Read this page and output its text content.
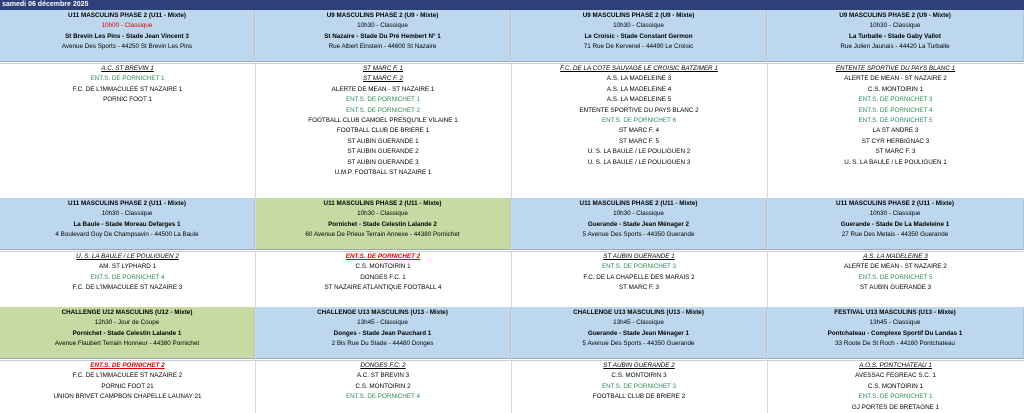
samedi 06 décembre 2025
U11 MASCULINS PHASE 2 (U11 - Mixte)
10h00 - Classique
St Brevin Les Pins - Stade Jean Vincent 3
Avenue Des Sports - 44250 St Brevin Les Pins
A.C. ST BREVIN 1
ENT.S. DE PORNICHET 1
F.C. DE L'IMMACULEE ST NAZAIRE 1
PORNIC FOOT 1
U9 MASCULINS PHASE 2 (U9 - Mixte)
10h30 - Classique
St Nazaire - Stade Du Pré Hembert N° 1
Rue Albert Einstein - 44600 St Nazaire
ST MARC F. 1
ST MARC F. 2
ALERTE DE MEAN - ST NAZAIRE 1
ENT.S. DE PORNICHET 1
ENT.S. DE PORNICHET 2
FOOTBALL CLUB CAMOEL PRESQU'ILE VILAINE 1
FOOTBALL CLUB DE BRIERE 1
ST AUBIN GUERANDE 1
ST AUBIN GUERANDE 2
ST AUBIN GUERANDE 3
U.M.P. FOOTBALL ST NAZAIRE 1
U9 MASCULINS PHASE 2 (U9 - Mixte)
10h30 - Classique
Le Croisic - Stade Constant Germon
71 Rue De Kervenel - 44490 Le Croisic
F.C. DE LA COTE SAUVAGE LE CROISIC BATZ/MER 1
A.S. LA MADELEINE 3
A.S. LA MADELEINE 4
A.S. LA MADELEINE 5
ENTENTE SPORTIVE DU PAYS BLANC 2
ENT.S. DE PORNICHET 6
ST MARC F. 4
ST MARC F. 5
U. S. LA BAULE / LE POULIGUEN 2
U. S. LA BAULE / LE POULIGUEN 3
U9 MASCULINS PHASE 2 (U9 - Mixte)
10h30 - Classique
La Turballe - Stade Gaby Vallot
Rue Julien Jaunais - 44420 La Turballe
ENTENTE SPORTIVE DU PAYS BLANC 1
ALERTE DE MEAN - ST NAZAIRE 2
C.S. MONTOIRIN 1
ENT.S. DE PORNICHET 3
ENT.S. DE PORNICHET 4
ENT.S. DE PORNICHET 5
LA ST ANDRE 3
ST CYR HERBIGNAC 3
ST MARC F. 3
U. S. LA BAULE / LE POULIGUEN 1
U11 MASCULINS PHASE 2 (U11 - Mixte)
10h30 - Classique
La Baule - Stade Moreau Defarges 1
4 Boulevard Guy De Champsavin - 44500 La Baule
U. S. LA BAULE / LE POULIGUEN 2
AM. ST LYPHARD 1
ENT.S. DE PORNICHET 4
F.C. DE L'IMMACULEE ST NAZAIRE 3
U11 MASCULINS PHASE 2 (U11 - Mixte)
10h30 - Classique
Pornichet - Stade Celestin Lalande 2
60 Avenue De Prieux Terrain Annexe - 44380 Pornichet
ENT.S. DE PORNICHET 2
C.S. MONTOIRIN 1
DONGES F.C. 1
ST NAZAIRE ATLANTIQUE FOOTBALL 4
U11 MASCULINS PHASE 2 (U11 - Mixte)
10h30 - Classique
Guerande - Stade Jean Ménager 2
5 Avenue Des Sports - 44350 Guerande
ST AUBIN GUERANDE 1
ENT.S. DE PORNICHET 3
F.C. DE LA CHAPELLE DES MARAIS 2
ST MARC F. 3
U11 MASCULINS PHASE 2 (U11 - Mixte)
10h30 - Classique
Guerande - Stade De La Madeleine 1
27 Rue Des Metais - 44350 Guerande
A.S. LA MADELEINE 3
ALERTE DE MEAN - ST NAZAIRE 2
ENT.S. DE PORNICHET 5
ST AUBIN GUERANDE 3
CHALLENGE U12 MASCULINS (U12 - Mixte)
12h30 - Jour de Coupe
Pornichet - Stade Celestin Lalande 1
Avenue Flaubert Terrain Honneur - 44380 Pornichet
ENT.S. DE PORNICHET 2
F.C. DE L'IMMACULEE ST NAZAIRE 2
PORNIC FOOT 21
UNION BRIVET CAMPBON CHAPELLE LAUNAY 21
CHALLENGE U13 MASCULINS (U13 - Mixte)
13h45 - Classique
Donges - Stade Jean Pauchard 1
2 Bis Rue Du Stade - 44480 Donges
DONGES F.C. 2
A.C. ST BREVIN 3
C.S. MONTOIRIN 2
ENT.S. DE PORNICHET 4
CHALLENGE U13 MASCULINS (U13 - Mixte)
13h45 - Classique
Guerande - Stade Jean Ménager 1
5 Avenue Des Sports - 44350 Guerande
ST AUBIN GUERANDE 2
C.S. MONTOIRIN 3
ENT.S. DE PORNICHET 3
FOOTBALL CLUB DE BRIERE 2
FESTIVAL U13 MASCULINS (U13 - Mixte)
13h45 - Classique
Pontchateau - Complexe Sportif Du Landas 1
33 Route De St Roch - 44160 Pontchateau
A.O.S. PONTCHATEAU 1
AVESSAC FEGREAC S.C. 1
C.S. MONTOIRIN 1
ENT.S. DE PORNICHET 1
GJ PORTES DE BRETAGNE 1
